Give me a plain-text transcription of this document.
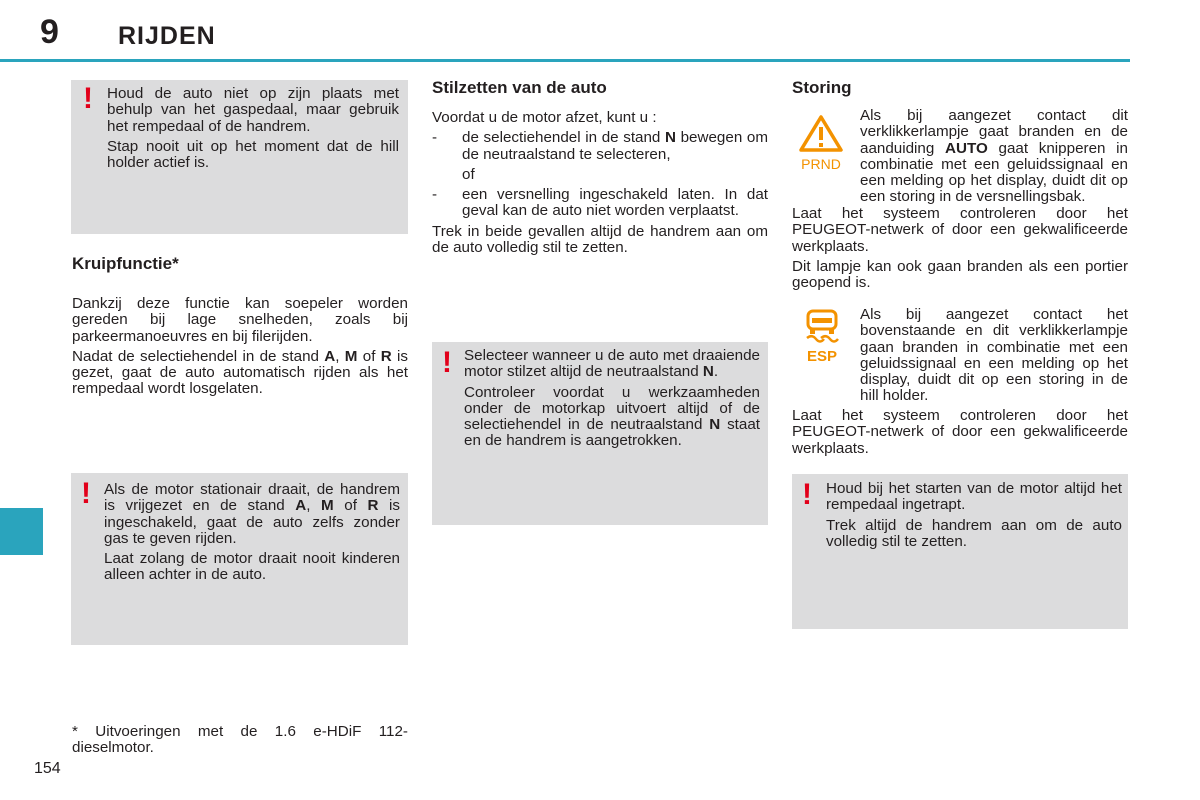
9 RIJDEN
! Houd de auto niet op zijn plaats met behulp van het gaspedaal, maar gebruik het rempedaal of de handrem.

Stap nooit uit op het moment dat de hill holder actief is.

Kruipfunctie*

Dankzij deze functie kan soepeler worden gereden bij lage snelheden, zoals bij parkeermanoeuvres en bij filerijden.

Nadat de selectiehendel in de stand A, M of R is gezet, gaat de auto automatisch rijden als het rempedaal wordt losgelaten.

! Als de motor stationair draait, de handrem is vrijgezet en de stand A, M of R is ingeschakeld, gaat de auto zelfs zonder gas te geven rijden.

Laat zolang de motor draait nooit kinderen alleen achter in de auto.

* Uitvoeringen met de 1.6 e-HDiF 112-dieselmotor.
154
Stilzetten van de auto

Voordat u de motor afzet, kunt u :

- de selectiehendel in de stand N bewegen om de neutraalstand te selecteren,

of

- een versnelling ingeschakeld laten. In dat geval kan de auto niet worden verplaatst.

Trek in beide gevallen altijd de handrem aan om de auto volledig stil te zetten.

! Selecteer wanneer u de auto met draaiende motor stilzet altijd de neutraalstand N.

Controleer voordat u werkzaamheden onder de motorkap uitvoert altijd of de selectiehendel in de neutraalstand N staat en de handrem is aangetrokken.

Storing
PRND

Als bij aangezet contact dit verklikkerlampje gaat branden en de aanduiding AUTO gaat knipperen in combinatie met een geluidssignaal en een melding op het display, duidt dit op een storing in de versnellingsbak.

Laat het systeem controleren door het PEUGEOT-netwerk of door een gekwalificeerde werkplaats.

Dit lampje kan ook gaan branden als een portier geopend is.

ESP

Als bij aangezet contact het bovenstaande en dit verklikkerlampje gaan branden in combinatie met een geluidssignaal en een melding op het display, duidt dit op een storing in de hill holder.

Laat het systeem controleren door het PEUGEOT-netwerk of door een gekwalificeerde werkplaats.

! Houd bij het starten van de motor altijd het rempedaal ingetrapt.

Trek altijd de handrem aan om de auto volledig stil te zetten.
